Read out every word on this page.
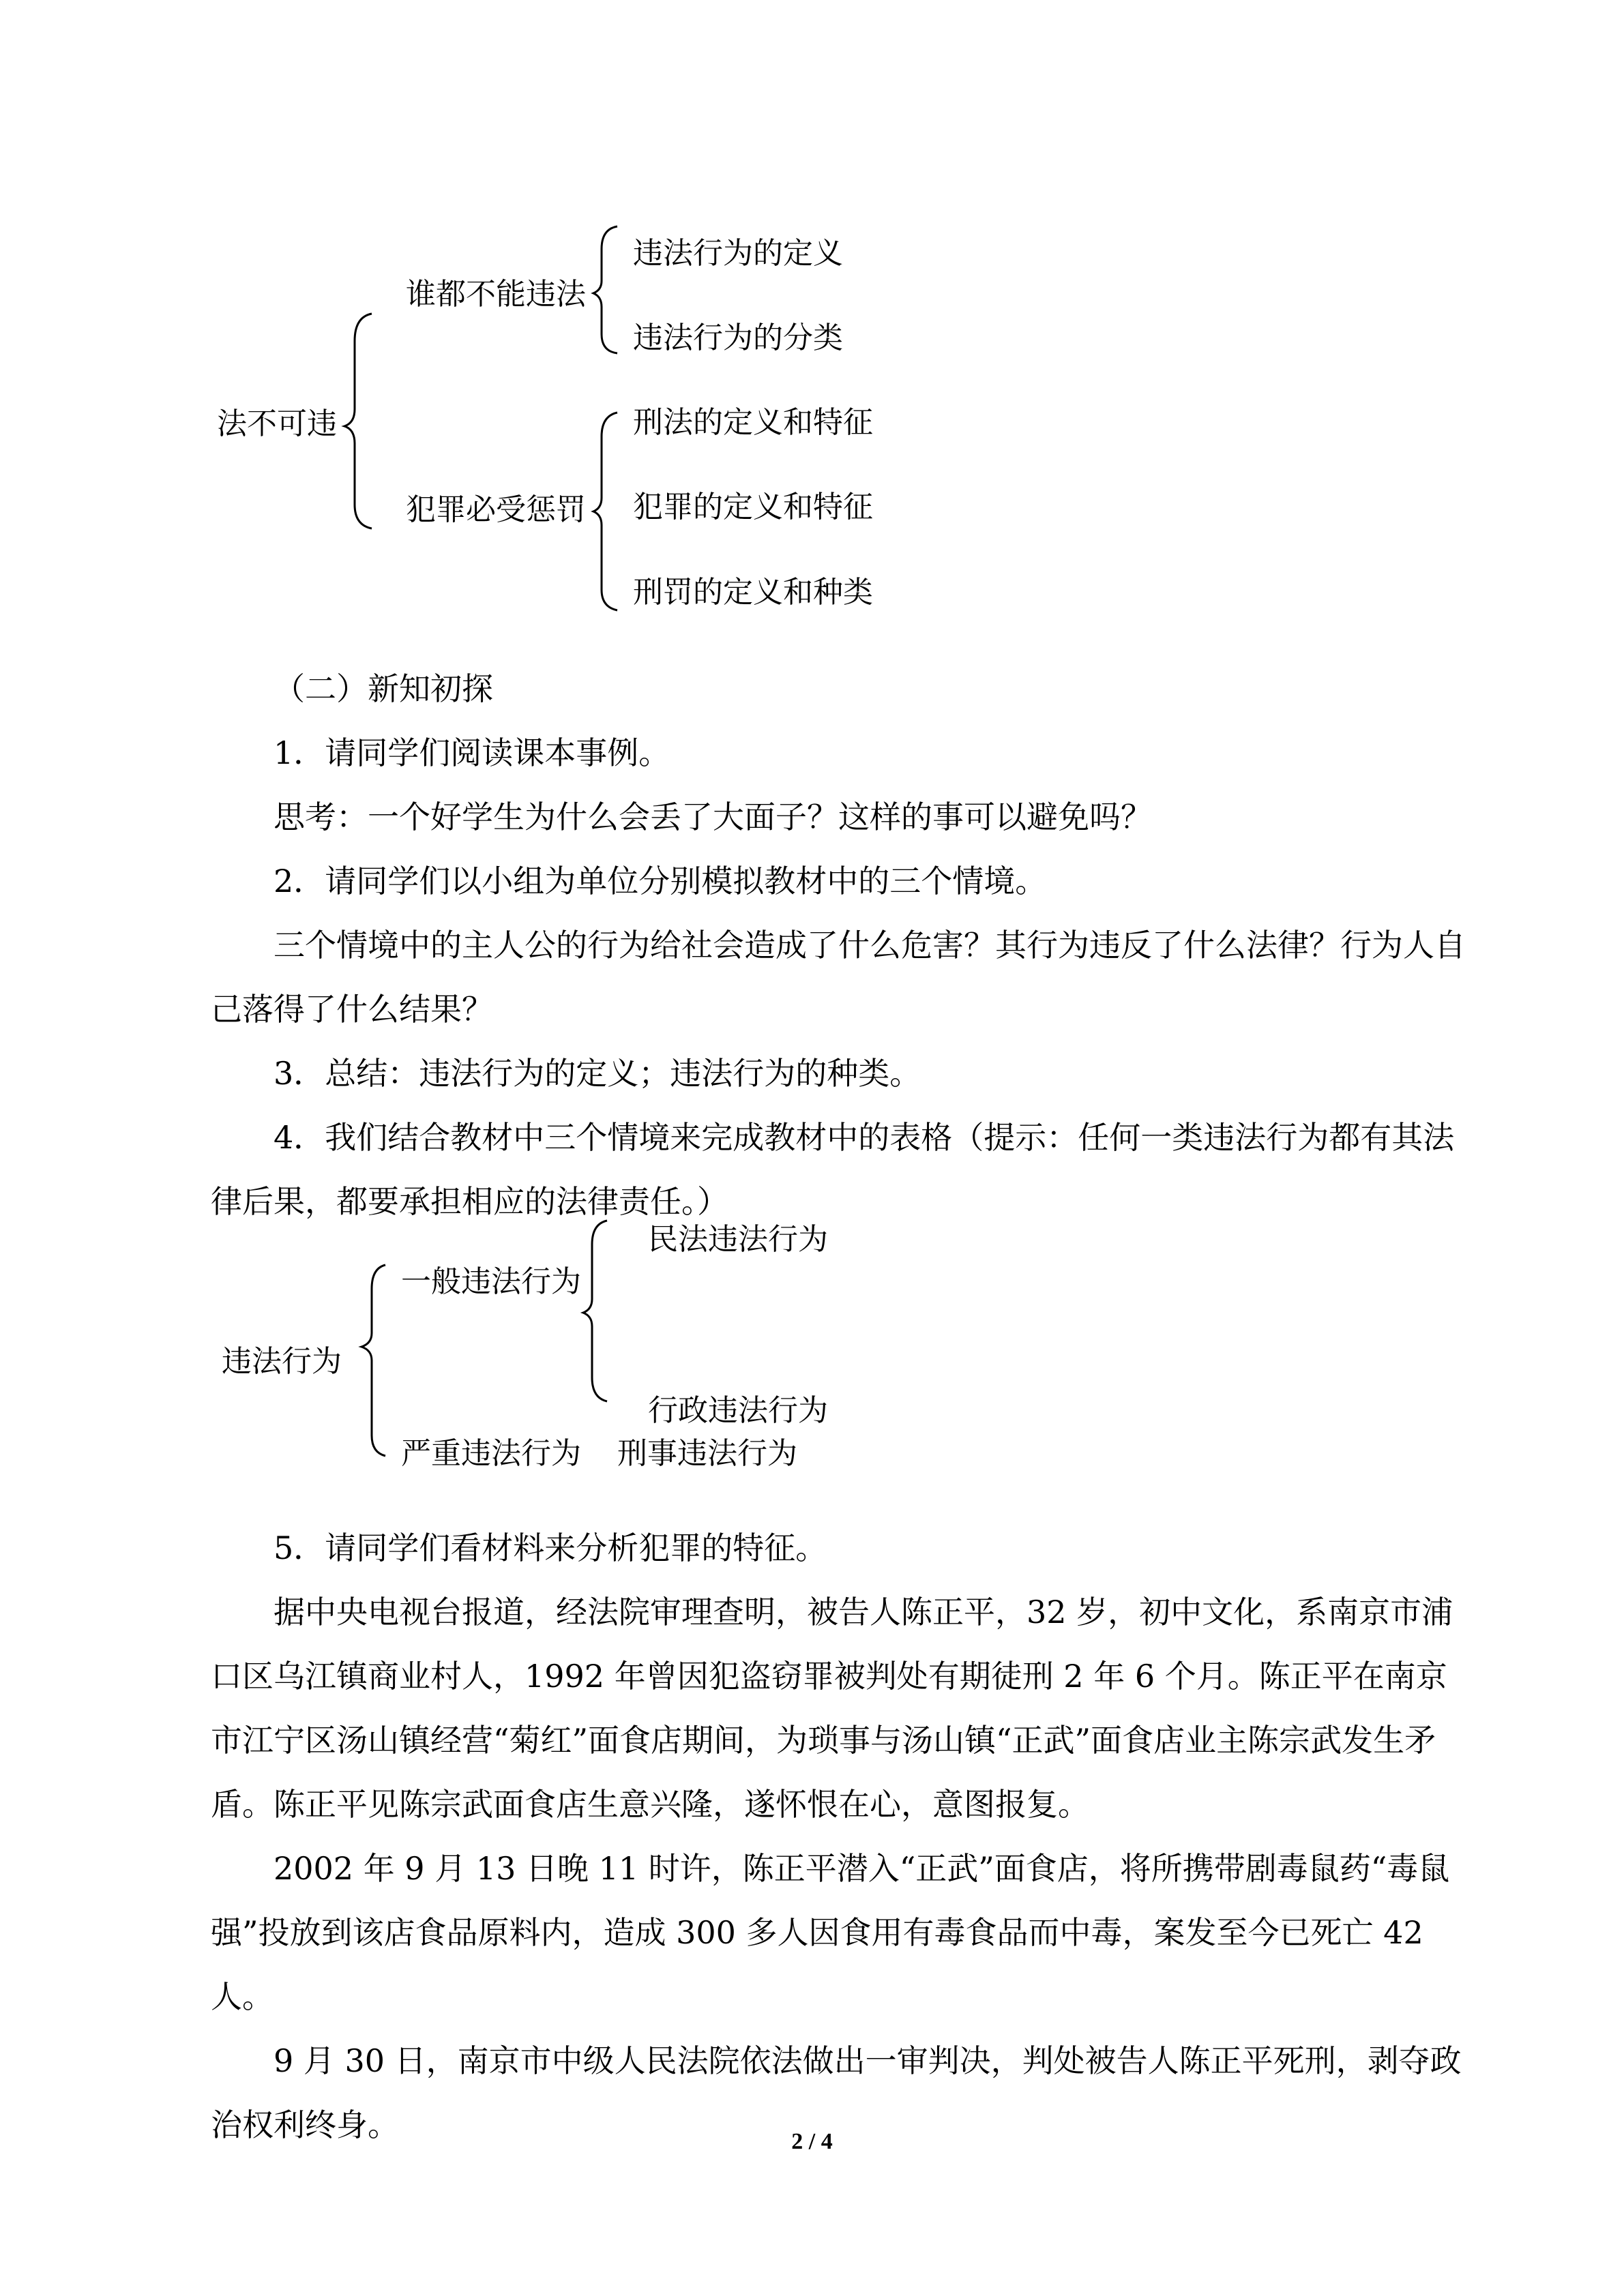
法不可违
谁都不能违法
违法行为的定义
违法行为的分类
犯罪必受惩罚
刑法的定义和特征
犯罪的定义和特征
刑罚的定义和种类

（二）新知初探

1．请同学们阅读课本事例。

思考：一个好学生为什么会丢了大面子？这样的事可以避免吗？

2．请同学们以小组为单位分别模拟教材中的三个情境。

三个情境中的主人公的行为给社会造成了什么危害？其行为违反了什么法律？行为人自己落得了什么结果？

3．总结：违法行为的定义；违法行为的种类。

4．我们结合教材中三个情境来完成教材中的表格（提示：任何一类违法行为都有其法律后果，都要承担相应的法律责任。）

违法行为
一般违法行为
民法违法行为
行政违法行为
严重违法行为 刑事违法行为

5．请同学们看材料来分析犯罪的特征。

据中央电视台报道，经法院审理查明，被告人陈正平，32 岁，初中文化，系南京市浦口区乌江镇商业村人，1992 年曾因犯盗窃罪被判处有期徒刑 2 年 6 个月。陈正平在南京市江宁区汤山镇经营“菊红”面食店期间，为琐事与汤山镇“正武”面食店业主陈宗武发生矛盾。陈正平见陈宗武面食店生意兴隆，遂怀恨在心，意图报复。

2002 年 9 月 13 日晚 11 时许，陈正平潜入“正武”面食店，将所携带剧毒鼠药“毒鼠强”投放到该店食品原料内，造成 300 多人因食用有毒食品而中毒，案发至今已死亡 42 人。

9 月 30 日，南京市中级人民法院依法做出一审判决，判处被告人陈正平死刑，剥夺政治权利终身。	2 / 4
